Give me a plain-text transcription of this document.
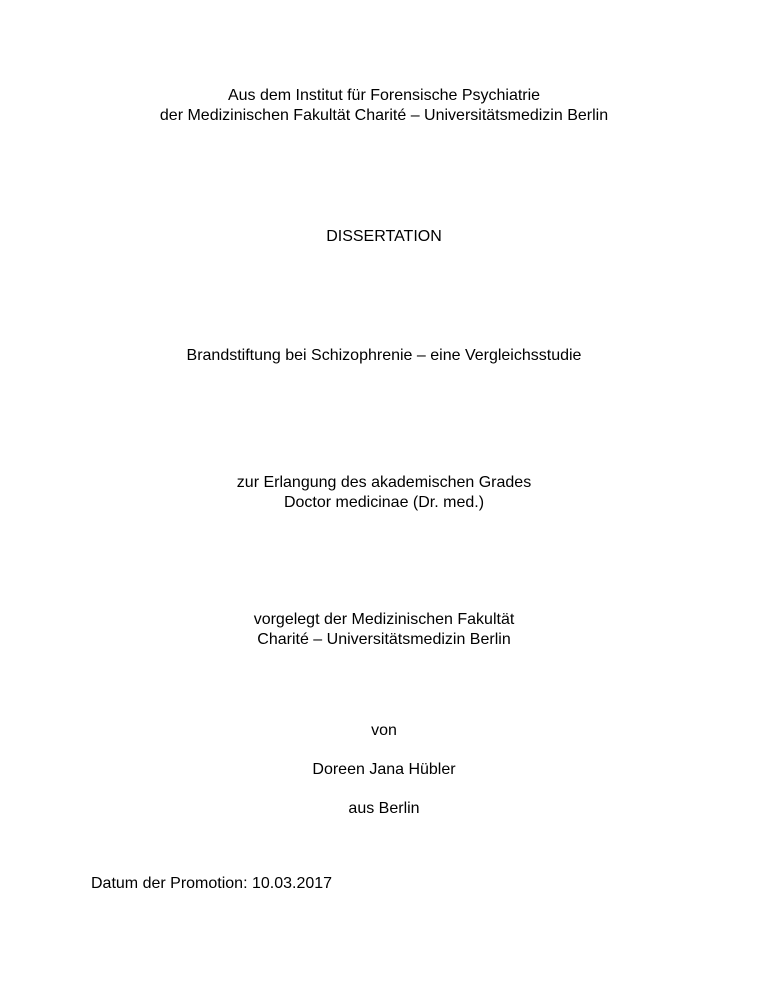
Aus dem Institut für Forensische Psychiatrie
der Medizinischen Fakultät Charité – Universitätsmedizin Berlin
DISSERTATION
Brandstiftung bei Schizophrenie – eine Vergleichsstudie
zur Erlangung des akademischen Grades
Doctor medicinae (Dr. med.)
vorgelegt der Medizinischen Fakultät
Charité – Universitätsmedizin Berlin
von
Doreen Jana Hübler
aus Berlin
Datum der Promotion: 10.03.2017
